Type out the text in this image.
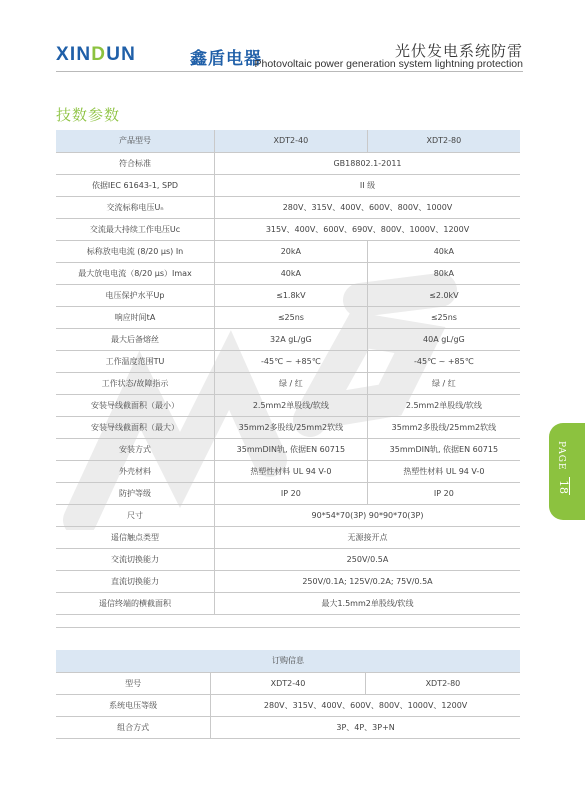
XINDUN	鑫盾电器	光伏发电系统防雷
Photovoltaic power generation system lightning protection
技数参数
产品型号	XDT2-40	XDT2-80
符合标准	GB18802.1-2011	
依据IEC 61643-1, SPD	II 级	
交流标称电压Uₙ	280V、315V、400V、600V、800V、1000V	
交流最大持续工作电压Uc	315V、400V、600V、690V、800V、1000V、1200V	
标称放电电流 (8/20 μs) In	20kA	40kA
最大放电电流（8/20 μs）Imax	40kA	80kA
电压保护水平Up	≤1.8kV	≤2.0kV
响应时间tA	≤25ns	≤25ns
最大后备熔丝	32A gL/gG	40A gL/gG
工作温度范围TU	-45℃ ~ +85℃	-45℃ ~ +85℃
工作状态/故障指示	绿 / 红	绿 / 红
安装导线截面积（最小）	2.5mm2单股线/软线	2.5mm2单股线/软线
安装导线截面积（最大）	35mm2多股线/25mm2软线	35mm2多股线/25mm2软线
安装方式	35mmDIN轨, 依据EN 60715	35mmDIN轨, 依据EN 60715
外壳材料	热塑性材料 UL 94 V-0	热塑性材料 UL 94 V-0
防护等级	IP 20	IP 20
尺寸	90*54*70(3P) 90*90*70(3P)	
遥信触点类型	无源接开点	
交流切换能力	250V/0.5A	
直流切换能力	250V/0.1A; 125V/0.2A; 75V/0.5A	
遥信终端的横截面积	最大1.5mm2单股线/软线	
订购信息		
型号	XDT2-40	XDT2-80
系统电压等级	280V、315V、400V、600V、800V、1000V、1200V	
组合方式	3P、4P、3P+N	
PAGE
18
